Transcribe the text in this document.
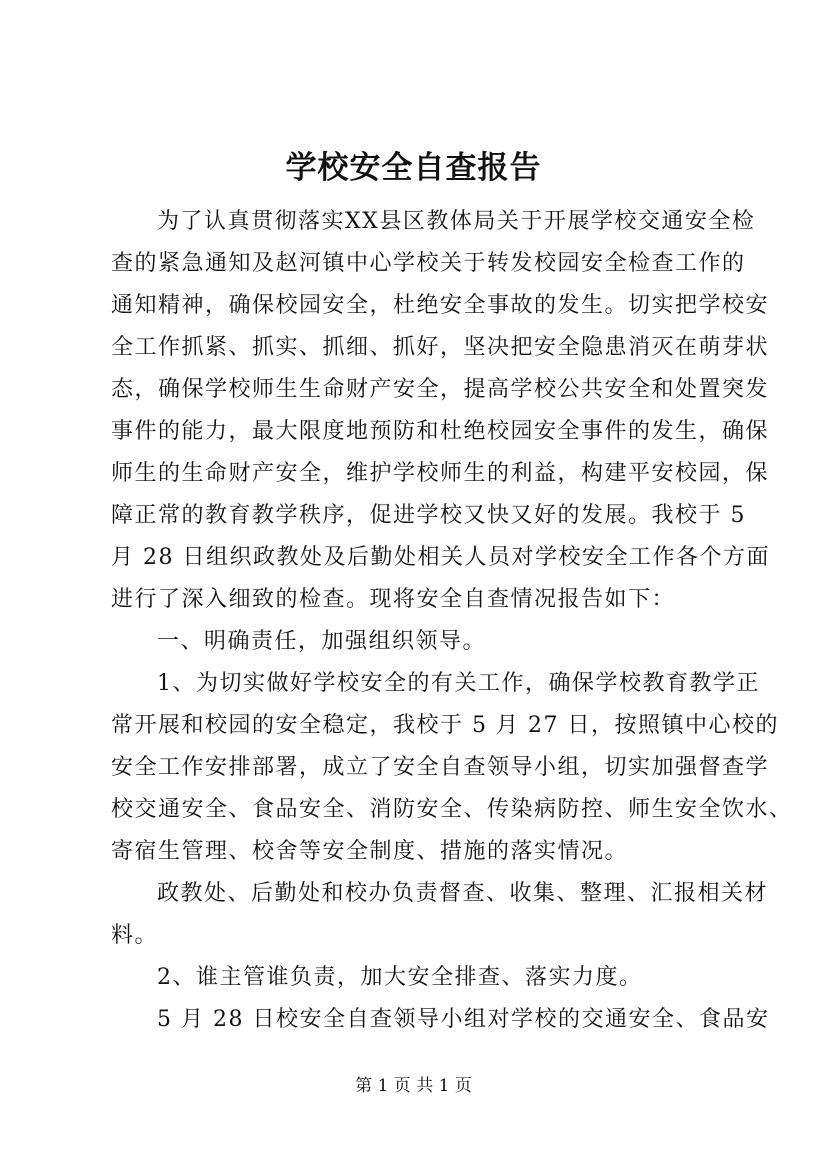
学校安全自查报告
为了认真贯彻落实XX县区教体局关于开展学校交通安全检
查的紧急通知及赵河镇中心学校关于转发校园安全检查工作的
通知精神，确保校园安全，杜绝安全事故的发生。切实把学校安
全工作抓紧、抓实、抓细、抓好，坚决把安全隐患消灭在萌芽状
态，确保学校师生生命财产安全，提高学校公共安全和处置突发
事件的能力，最大限度地预防和杜绝校园安全事件的发生，确保
师生的生命财产安全，维护学校师生的利益，构建平安校园，保
障正常的教育教学秩序，促进学校又快又好的发展。我校于 5
月 28 日组织政教处及后勤处相关人员对学校安全工作各个方面
进行了深入细致的检查。现将安全自查情况报告如下：
一、明确责任，加强组织领导。
1、为切实做好学校安全的有关工作，确保学校教育教学正
常开展和校园的安全稳定，我校于 5 月 27 日，按照镇中心校的
安全工作安排部署，成立了安全自查领导小组，切实加强督查学
校交通安全、食品安全、消防安全、传染病防控、师生安全饮水、
寄宿生管理、校舍等安全制度、措施的落实情况。
政教处、后勤处和校办负责督查、收集、整理、汇报相关材
料。
2、谁主管谁负责，加大安全排查、落实力度。
5 月 28 日校安全自查领导小组对学校的交通安全、食品安
第 1 页 共 1 页
